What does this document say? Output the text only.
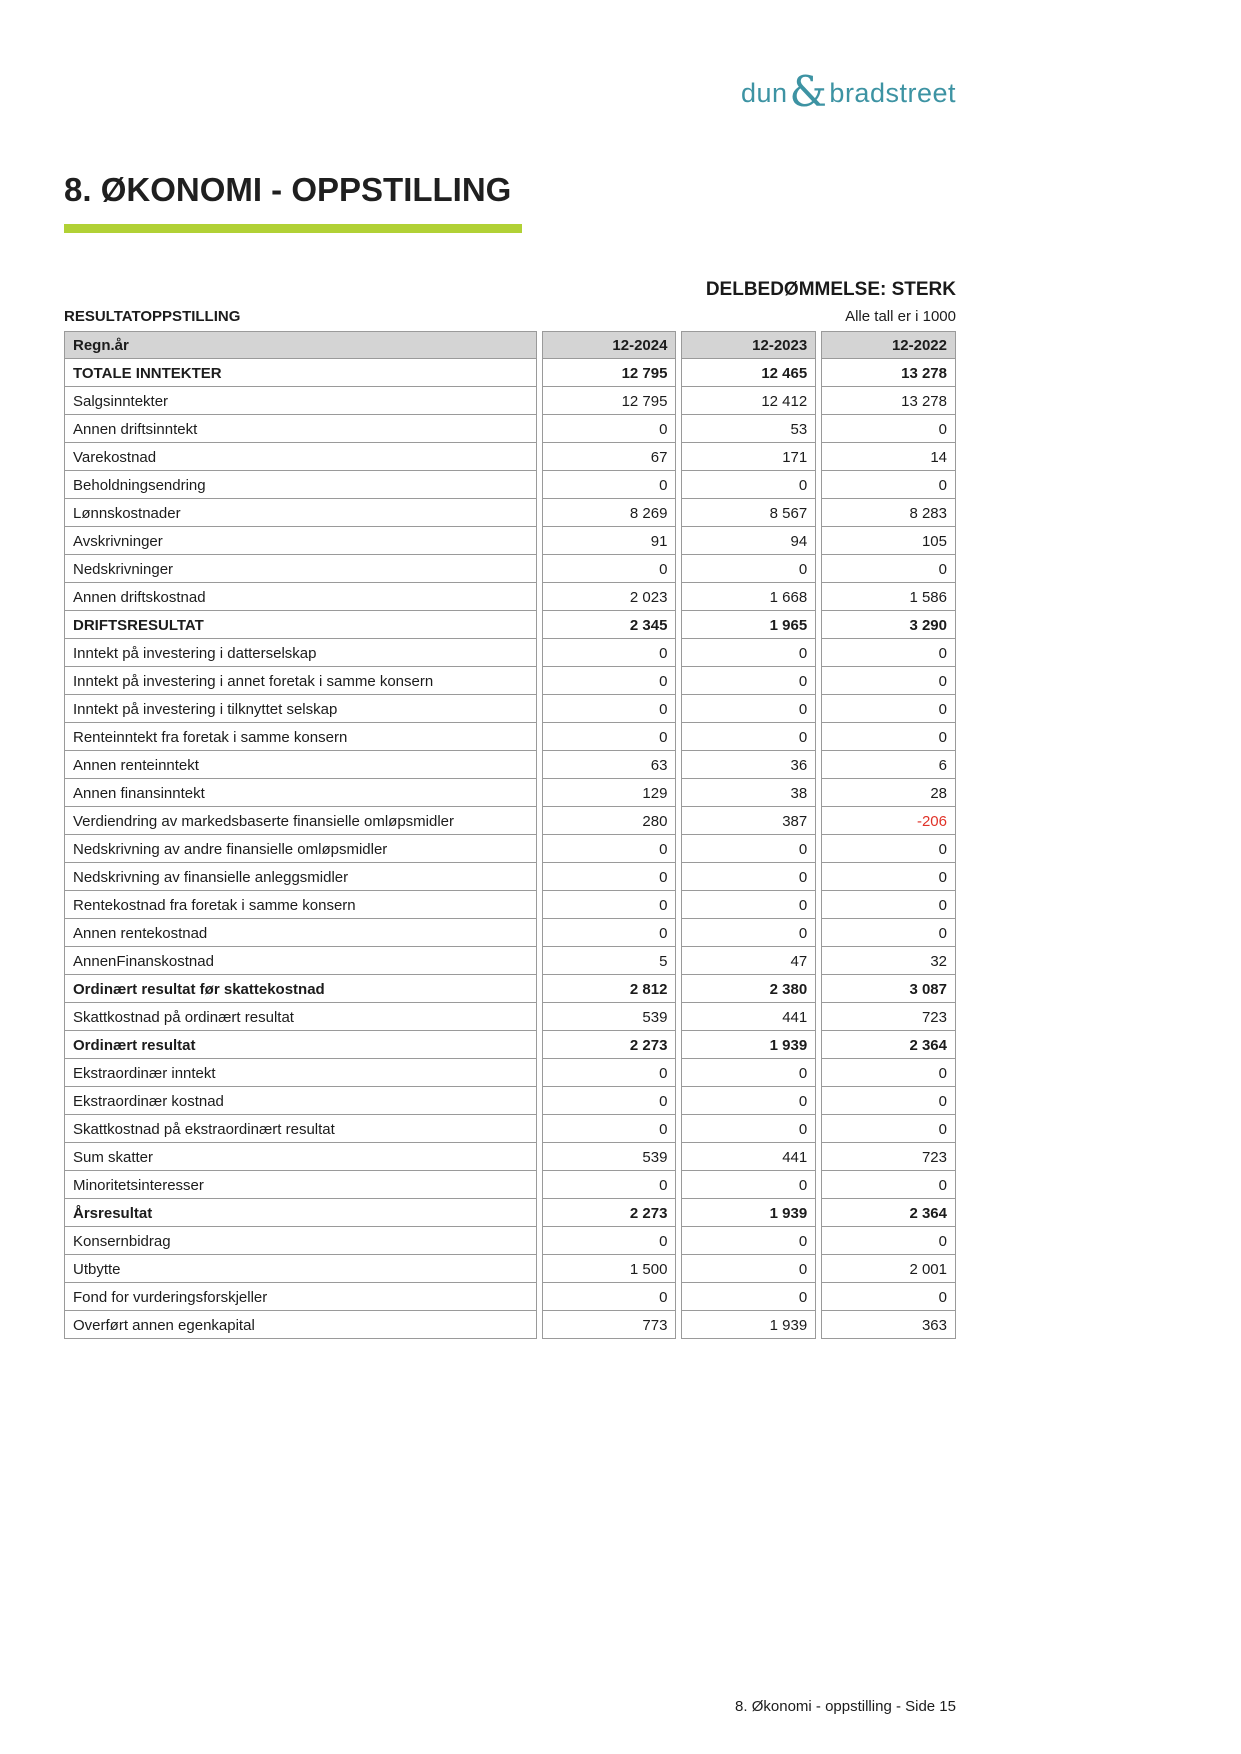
dun&bradstreet
8. ØKONOMI - OPPSTILLING
DELBEDØMMELSE: STERK
RESULTATOPPSTILLING	Alle tall er i 1000
Regn.år	12-2024	12-2023	12-2022
TOTALE INNTEKTER	12 795	12 465	13 278
Salgsinntekter	12 795	12 412	13 278
Annen driftsinntekt	0	53	0
Varekostnad	67	171	14
Beholdningsendring	0	0	0
Lønnskostnader	8 269	8 567	8 283
Avskrivninger	91	94	105
Nedskrivninger	0	0	0
Annen driftskostnad	2 023	1 668	1 586
DRIFTSRESULTAT	2 345	1 965	3 290
Inntekt på investering i datterselskap	0	0	0
Inntekt på investering i annet foretak i samme konsern	0	0	0
Inntekt på investering i tilknyttet selskap	0	0	0
Renteinntekt fra foretak i samme konsern	0	0	0
Annen renteinntekt	63	36	6
Annen finansinntekt	129	38	28
Verdiendring av markedsbaserte finansielle omløpsmidler	280	387	-206
Nedskrivning av andre finansielle omløpsmidler	0	0	0
Nedskrivning av finansielle anleggsmidler	0	0	0
Rentekostnad fra foretak i samme konsern	0	0	0
Annen rentekostnad	0	0	0
AnnenFinanskostnad	5	47	32
Ordinært resultat før skattekostnad	2 812	2 380	3 087
Skattkostnad på ordinært resultat	539	441	723
Ordinært resultat	2 273	1 939	2 364
Ekstraordinær inntekt	0	0	0
Ekstraordinær kostnad	0	0	0
Skattkostnad på ekstraordinært resultat	0	0	0
Sum skatter	539	441	723
Minoritetsinteresser	0	0	0
Årsresultat	2 273	1 939	2 364
Konsernbidrag	0	0	0
Utbytte	1 500	0	2 001
Fond for vurderingsforskjeller	0	0	0
Overført annen egenkapital	773	1 939	363
8. Økonomi - oppstilling - Side 15
